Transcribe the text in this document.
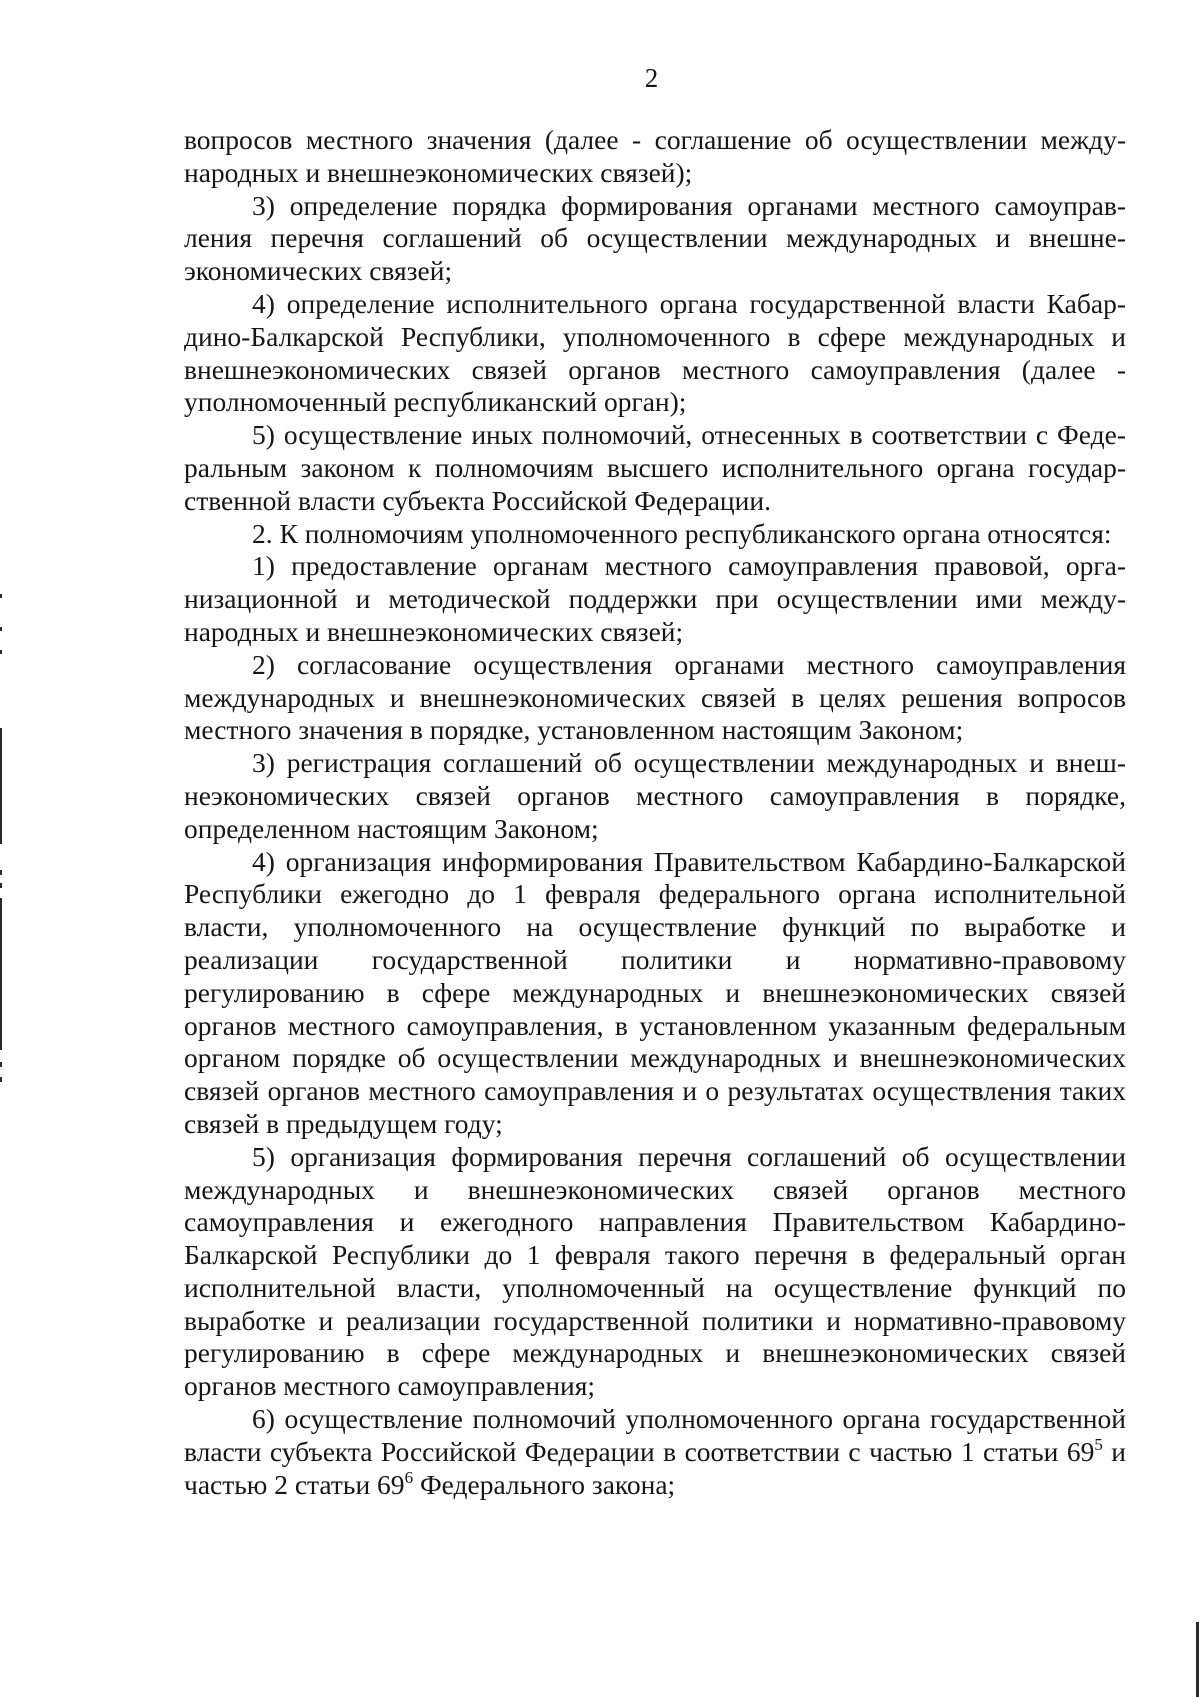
2

вопросов местного значения (далее - соглашение об осуществлении международных и внешнеэкономических связей);

3) определение порядка формирования органами местного самоуправления перечня соглашений об осуществлении международных и внешнеэкономических связей;

4) определение исполнительного органа государственной власти Кабардино-Балкарской Республики, уполномоченного в сфере международных и внешнеэкономических связей органов местного самоуправления (далее - уполномоченный республиканский орган);

5) осуществление иных полномочий, отнесенных в соответствии с Федеральным законом к полномочиям высшего исполнительного органа государственной власти субъекта Российской Федерации.

2. К полномочиям уполномоченного республиканского органа относятся:

1) предоставление органам местного самоуправления правовой, организационной и методической поддержки при осуществлении ими международных и внешнеэкономических связей;

2) согласование осуществления органами местного самоуправления международных и внешнеэкономических связей в целях решения вопросов местного значения в порядке, установленном настоящим Законом;

3) регистрация соглашений об осуществлении международных и внешнеэкономических связей органов местного самоуправления в порядке, определенном настоящим Законом;

4) организация информирования Правительством Кабардино-Балкарской Республики ежегодно до 1 февраля федерального органа исполнительной власти, уполномоченного на осуществление функций по выработке и реализации государственной политики и нормативно-правовому регулированию в сфере международных и внешнеэкономических связей органов местного самоуправления, в установленном указанным федеральным органом порядке об осуществлении международных и внешнеэкономических связей органов местного самоуправления и о результатах осуществления таких связей в предыдущем году;

5) организация формирования перечня соглашений об осуществлении международных и внешнеэкономических связей органов местного самоуправления и ежегодного направления Правительством Кабардино-Балкарской Республики до 1 февраля такого перечня в федеральный орган исполнительной власти, уполномоченный на осуществление функций по выработке и реализации государственной политики и нормативно-правовому регулированию в сфере международных и внешнеэкономических связей органов местного самоуправления;

6) осуществление полномочий уполномоченного органа государственной власти субъекта Российской Федерации в соответствии с частью 1 статьи $69^5$ и частью 2 статьи $69^6$ Федерального закона;
